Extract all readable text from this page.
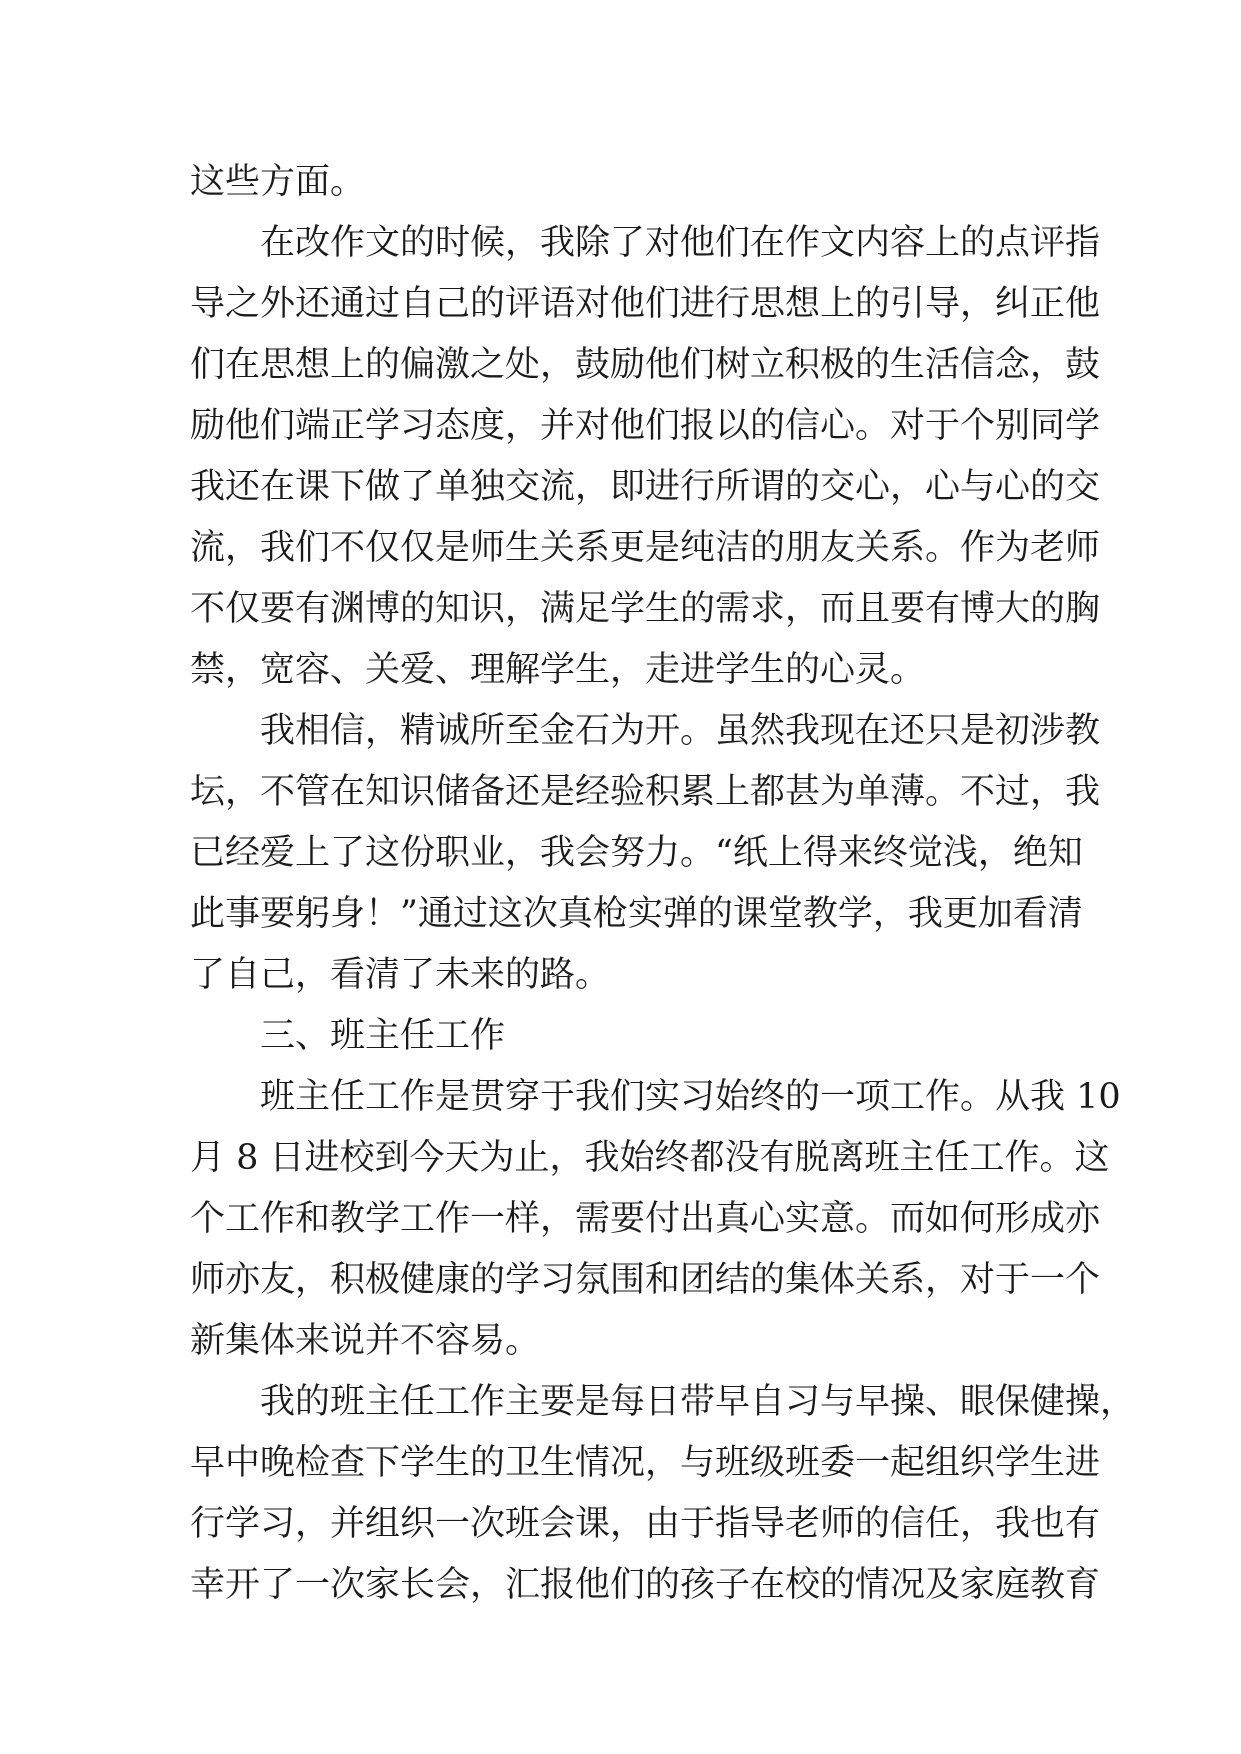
这些方面。
在改作文的时候，我除了对他们在作文内容上的点评指
导之外还通过自己的评语对他们进行思想上的引导，纠正他
们在思想上的偏激之处，鼓励他们树立积极的生活信念，鼓
励他们端正学习态度，并对他们报以的信心。对于个别同学
我还在课下做了单独交流，即进行所谓的交心，心与心的交
流，我们不仅仅是师生关系更是纯洁的朋友关系。作为老师
不仅要有渊博的知识，满足学生的需求，而且要有博大的胸
禁，宽容、关爱、理解学生，走进学生的心灵。
我相信，精诚所至金石为开。虽然我现在还只是初涉教
坛，不管在知识储备还是经验积累上都甚为单薄。不过，我
已经爱上了这份职业，我会努力。“纸上得来终觉浅，绝知
此事要躬身！”通过这次真枪实弹的课堂教学，我更加看清
了自己，看清了未来的路。
三、班主任工作
班主任工作是贯穿于我们实习始终的一项工作。从我 10
月 8 日进校到今天为止，我始终都没有脱离班主任工作。这
个工作和教学工作一样，需要付出真心实意。而如何形成亦
师亦友，积极健康的学习氛围和团结的集体关系，对于一个
新集体来说并不容易。
我的班主任工作主要是每日带早自习与早操、眼保健操，
早中晚检查下学生的卫生情况，与班级班委一起组织学生进
行学习，并组织一次班会课，由于指导老师的信任，我也有
幸开了一次家长会，汇报他们的孩子在校的情况及家庭教育
